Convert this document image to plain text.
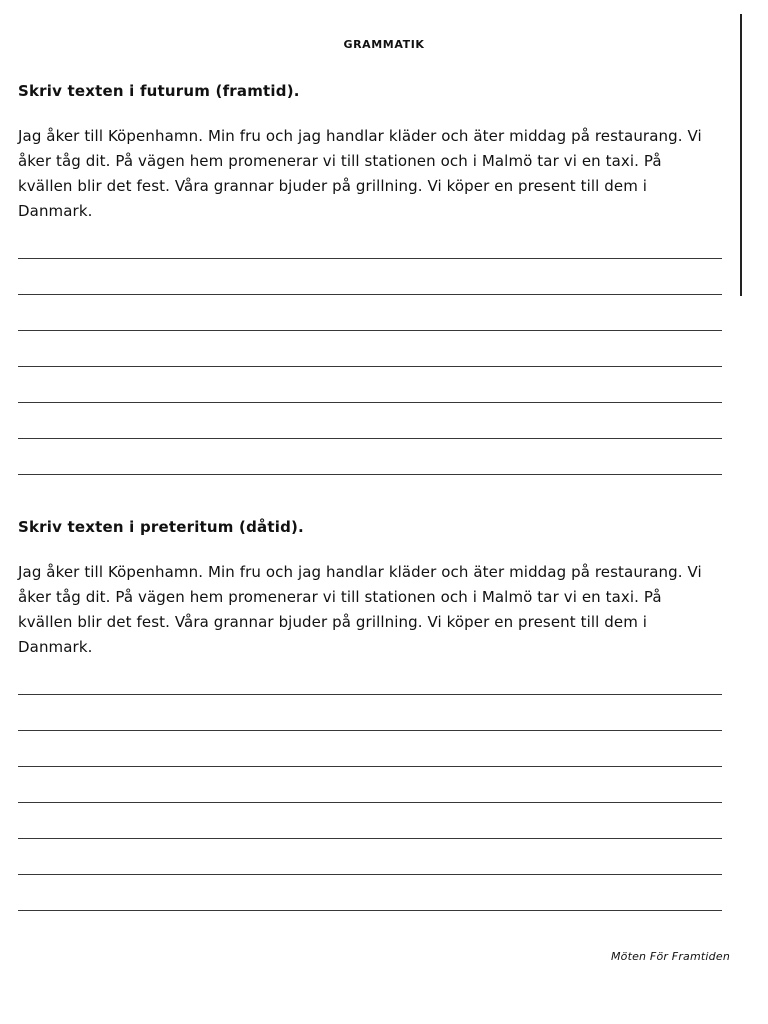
GRAMMATIK
Skriv texten i futurum (framtid).
Jag åker till Köpenhamn. Min fru och jag handlar kläder och äter middag på restaurang. Vi åker tåg dit. På vägen hem promenerar vi till stationen och i Malmö tar vi en taxi. På kvällen blir det fest. Våra grannar bjuder på grillning. Vi köper en present till dem i Danmark.
Skriv texten i preteritum (dåtid).
Jag åker till Köpenhamn. Min fru och jag handlar kläder och äter middag på restaurang. Vi åker tåg dit. På vägen hem promenerar vi till stationen och i Malmö tar vi en taxi. På kvällen blir det fest. Våra grannar bjuder på grillning. Vi köper en present till dem i Danmark.
Möten För Framtiden
